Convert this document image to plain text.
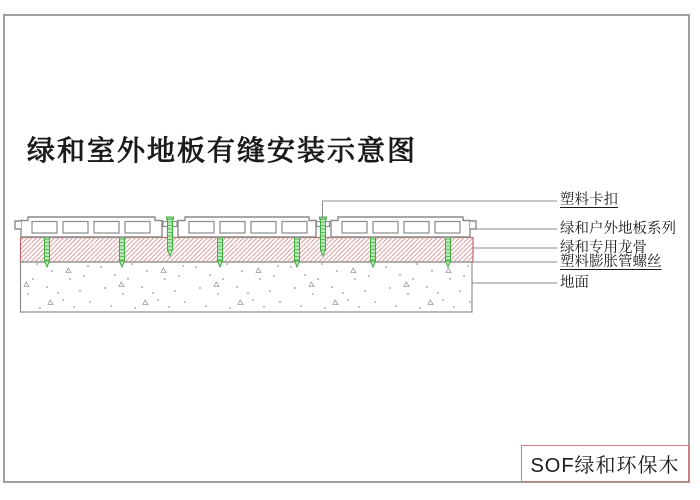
绿和室外地板有缝安装示意图
塑料卡扣
绿和户外地板系列
绿和专用龙骨
塑料膨胀管螺丝
地面
SOF绿和环保木
